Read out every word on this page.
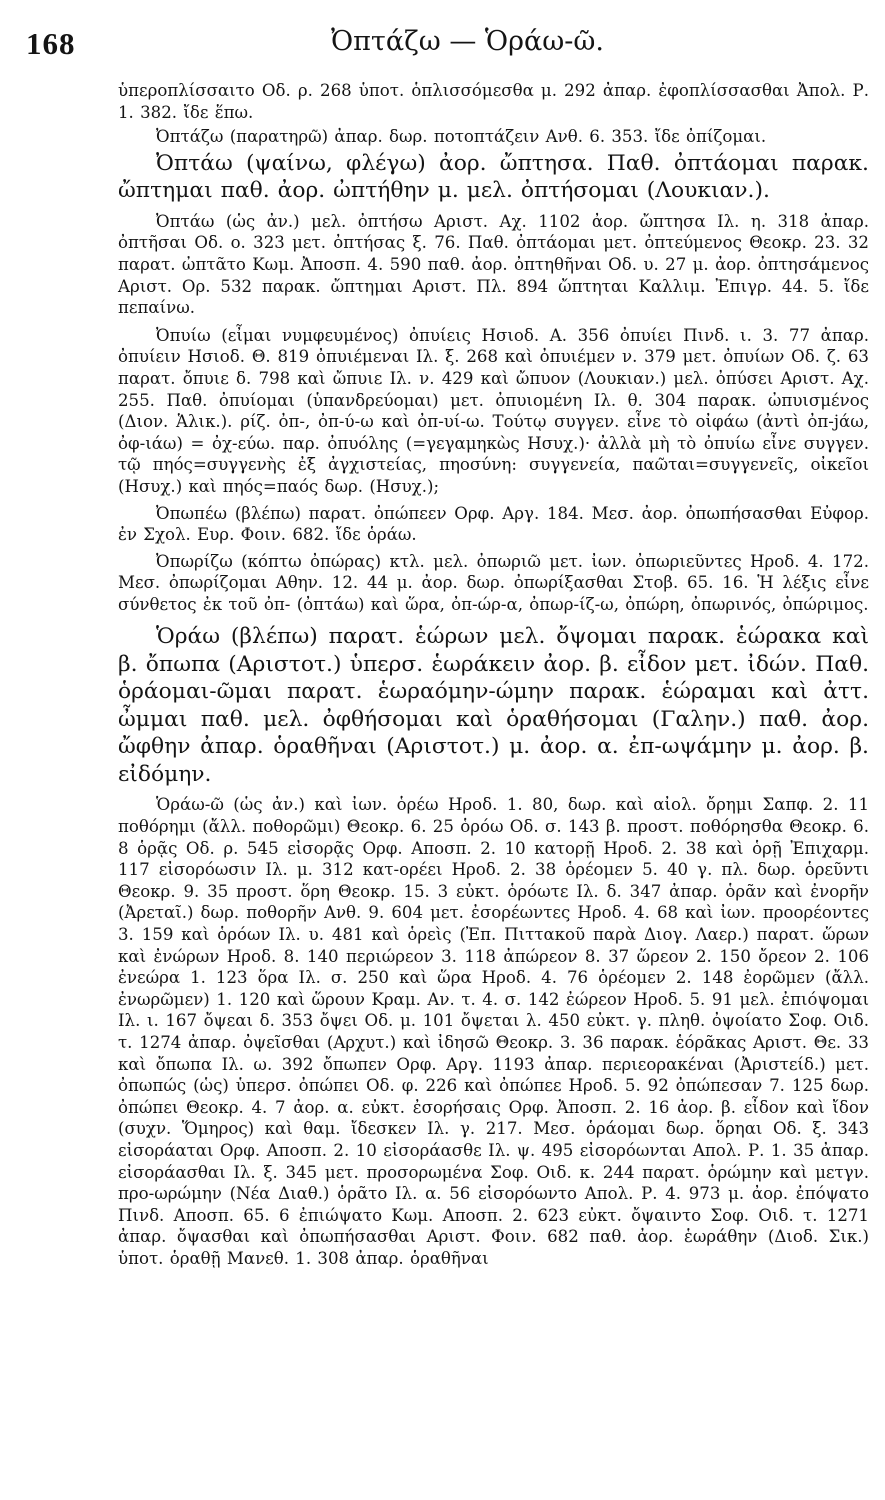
168	Ὀπτάζω — Ὁράω-ῶ.

ὑπεροπλίσσαιτο Οδ. ρ. 268 ὑποτ. ὁπλισσόμεσθα μ. 292 ἀπαρ. ἐφοπλίσσασθαι Ἀπολ. Ρ. 1. 382. ἴδε ἕπω.

Ὀπτάζω (παρατηρῶ) ἀπαρ. δωρ. ποτοπτάζειν Ανθ. 6. 353. ἴδε ὀπίζομαι.

Ὀπτάω (ψαίνω, φλέγω) ἀορ. ὤπτησα. Παθ. ὀπτάομαι παρακ. ὤπτημαι παθ. ἀορ. ὠπτήθην μ. μελ. ὀπτήσομαι (Λουκιαν.).

Ὀπτάω (ὡς ἀν.) μελ. ὀπτήσω Αριστ. Αχ. 1102 ἀορ. ὤπτησα Ιλ. η. 318 ἀπαρ. ὀπτῆσαι Οδ. ο. 323 μετ. ὀπτήσας ξ. 76. Παθ. ὀπτάομαι μετ. ὀπτεύμενος Θεοκρ. 23. 32 παρατ. ὠπτᾶτο Κωμ. Ἀποσπ. 4. 590 παθ. ἀορ. ὀπτηθῆναι Οδ. υ. 27 μ. ἀορ. ὀπτησάμενος Αριστ. Ορ. 532 παρακ. ὤπτημαι Αριστ. Πλ. 894 ὤπτηται Καλλιμ. Ἐπιγρ. 44. 5. ἴδε πεπαίνω.

Ὀπυίω (εἶμαι νυμφευμένος) ὀπυίεις Ησιοδ. Α. 356 ὀπυίει Πινδ. ι. 3. 77 ἀπαρ. ὀπυίειν Ησιοδ. Θ. 819 ὀπυιέμεναι Ιλ. ξ. 268 καὶ ὀπυιέμεν ν. 379 μετ. ὀπυίων Οδ. ζ. 63 παρατ. ὄπυιε δ. 798 καὶ ὤπυιε Ιλ. ν. 429 καὶ ὤπυον (Λουκιαν.) μελ. ὀπύσει Αριστ. Αχ. 255. Παθ. ὀπυίομαι (ὑπανδρεύομαι) μετ. ὀπυιομένη Ιλ. θ. 304 παρακ. ὠπυισμένος (Διον. Ἁλικ.). ρίζ. ὀπ-, ὀπ-ύ-ω καὶ ὀπ-υί-ω. Τούτῳ συγγεν. εἶνε τὸ οἰφάω (ἀντὶ ὀπ-jάω, ὀφ-ιάω) = ὀχ-εύω. παρ. ὀπυόλης (=γεγαμηκὼς Ησυχ.)· ἀλλὰ μὴ τὸ ὀπυίω εἶνε συγγεν. τῷ πηός=συγγενὴς ἐξ ἀγχιστείας, πηοσύνη: συγγενεία, παῶται=συγγενεῖς, οἰκεῖοι (Ησυχ.) καὶ πηός=παός δωρ. (Ησυχ.);

Ὀπωπέω (βλέπω) παρατ. ὀπώπεεν Ορφ. Αργ. 184. Μεσ. ἀορ. ὀπωπήσασθαι Εὐφορ. ἐν Σχολ. Ευρ. Φοιν. 682. ἴδε ὁράω.

Ὀπωρίζω (κόπτω ὀπώρας) κτλ. μελ. ὀπωριῶ μετ. ἰων. ὀπωριεῦντες Ηροδ. 4. 172. Μεσ. ὀπωρίζομαι Αθην. 12. 44 μ. ἀορ. δωρ. ὀπωρίξασθαι Στοβ. 65. 16. Ἡ λέξις εἶνε σύνθετος ἐκ τοῦ ὀπ- (ὀπτάω) καὶ ὥρα, ὀπ-ώρ-α, ὀπωρ-ίζ-ω, ὀπώρη, ὀπωρινός, ὀπώριμος.

Ὁράω (βλέπω) παρατ. ἑώρων μελ. ὄψομαι παρακ. ἑώρακα καὶ β. ὄπωπα (Αριστοτ.) ὑπερσ. ἑωράκειν ἀορ. β. εἶδον μετ. ἰδών. Παθ. ὁράομαι-ῶμαι παρατ. ἑωραόμην-ώμην παρακ. ἑώραμαι καὶ ἀττ. ὦμμαι παθ. μελ. ὀφθήσομαι καὶ ὁραθήσομαι (Γαλην.) παθ. ἀορ. ὤφθην ἀπαρ. ὁραθῆναι (Αριστοτ.) μ. ἀορ. α. ἐπ-ωψάμην μ. ἀορ. β. εἰδόμην.

Ὁράω-ῶ (ὡς ἀν.) καὶ ἰων. ὁρέω Ηροδ. 1. 80, δωρ. καὶ αἰολ. ὄρημι Σαπφ. 2. 11 ποθόρημι (ἄλλ. ποθορῶμι) Θεοκρ. 6. 25 ὁρόω Οδ. σ. 143 β. προστ. ποθόρησθα Θεοκρ. 6. 8 ὁρᾷς Οδ. ρ. 545 εἰσορᾷς Ορφ. Αποσπ. 2. 10 κατορῇ Ηροδ. 2. 38 καὶ ὁρῇ Ἐπιχαρμ. 117 εἰσορόωσιν Ιλ. μ. 312 κατ-ορέει Ηροδ. 2. 38 ὁρέομεν 5. 40 γ. πλ. δωρ. ὁρεῦντι Θεοκρ. 9. 35 προστ. ὅρη Θεοκρ. 15. 3 εὐκτ. ὁρόωτε Ιλ. δ. 347 ἀπαρ. ὁρᾶν καὶ ἐνορῆν (Ἀρεταῖ.) δωρ. ποθορῆν Ανθ. 9. 604 μετ. ἐσορέωντες Ηροδ. 4. 68 καὶ ἰων. προορέοντες 3. 159 καὶ ὁρόων Ιλ. υ. 481 καὶ ὁρεὶς (Ἐπ. Πιττακοῦ παρὰ Διογ. Λαερ.) παρατ. ὥρων καὶ ἐνώρων Ηροδ. 8. 140 περιώρεον 3. 118 ἀπώρεον 8. 37 ὥρεον 2. 150 ὄρεον 2. 106 ἐνεώρα 1. 123 ὅρα Ιλ. σ. 250 καὶ ὥρα Ηροδ. 4. 76 ὁρέομεν 2. 148 ἐορῶμεν (ἄλλ. ἐνωρῶμεν) 1. 120 καὶ ὥρουν Κραμ. Αν. τ. 4. σ. 142 ἐώρεον Ηροδ. 5. 91 μελ. ἐπιόψομαι Ιλ. ι. 167 ὄψεαι δ. 353 ὄψει Οδ. μ. 101 ὄψεται λ. 450 εὐκτ. γ. πληθ. ὀψοίατο Σοφ. Οιδ. τ. 1274 ἀπαρ. ὀψεῖσθαι (Αρχυτ.) καὶ ἰδησῶ Θεοκρ. 3. 36 παρακ. ἑόρᾶκας Αριστ. Θε. 33 καὶ ὄπωπα Ιλ. ω. 392 ὄπωπεν Ορφ. Αργ. 1193 ἀπαρ. περιεορακέναι (Ἀριστείδ.) μετ. ὀπωπώς (ὡς) ὑπερσ. ὀπώπει Οδ. φ. 226 καὶ ὀπώπεε Ηροδ. 5. 92 ὀπώπεσαν 7. 125 δωρ. ὀπώπει Θεοκρ. 4. 7 ἀορ. α. εὐκτ. ἐσορήσαις Ορφ. Ἀποσπ. 2. 16 ἀορ. β. εἶδον καὶ ἴδον (συχν. Ὅμηρος) καὶ θαμ. ἴδεσκεν Ιλ. γ. 217. Μεσ. ὁράομαι δωρ. ὅρηαι Οδ. ξ. 343 εἰσοράαται Ορφ. Αποσπ. 2. 10 εἰσοράασθε Ιλ. ψ. 495 εἰσορόωνται Απολ. Ρ. 1. 35 ἀπαρ. εἰσοράασθαι Ιλ. ξ. 345 μετ. προσορωμένα Σοφ. Οιδ. κ. 244 παρατ. ὁρώμην καὶ μετγν. προ-ωρώμην (Νέα Διαθ.) ὁρᾶτο Ιλ. α. 56 εἰσορόωντο Απολ. Ρ. 4. 973 μ. ἀορ. ἐπόψατο Πινδ. Αποσπ. 65. 6 ἐπιώψατο Κωμ. Αποσπ. 2. 623 εὐκτ. ὄψαιντο Σοφ. Οιδ. τ. 1271 ἀπαρ. ὄψασθαι καὶ ὀπωπήσασθαι Αριστ. Φοιν. 682 παθ. ἀορ. ἑωράθην (Διοδ. Σικ.) ὑποτ. ὁραθῇ Μανεθ. 1. 308 ἀπαρ. ὁραθῆναι
